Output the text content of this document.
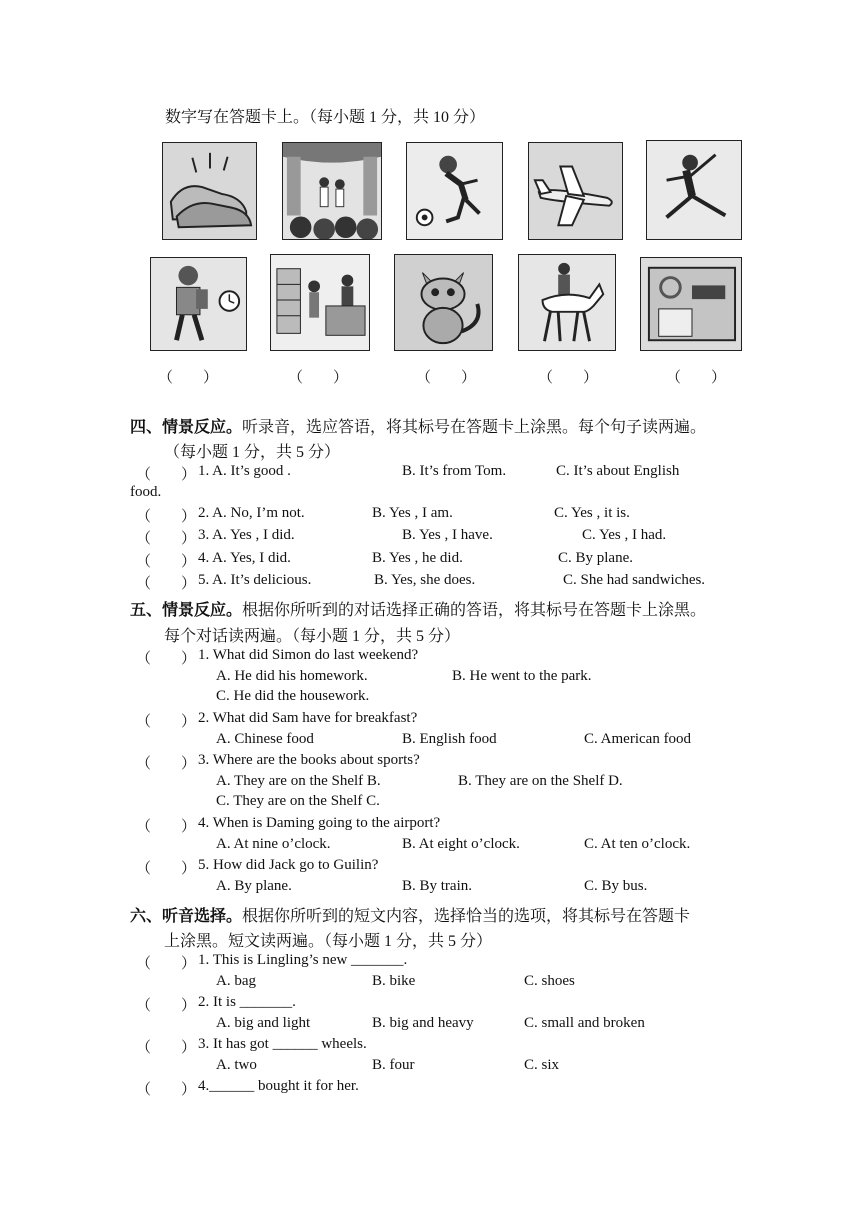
数字写在答题卡上。（每小题 1 分，共 10 分）
（　　）	（　　）	（　　）	（　　）	（　　）
四、情景反应。听录音，选应答语，将其标号在答题卡上涂黑。每个句子读两遍。
（每小题 1 分，共 5 分）
（　　） 1. A. It’s good .	B. It’s from Tom.	C. It’s about English
food.
（　　） 2. A. No, I’m not.	B. Yes , I am.	C. Yes , it is.
（　　） 3. A. Yes , I did.	B. Yes , I have.	C. Yes , I had.
（　　） 4. A. Yes, I did.	B. Yes , he did.	C. By plane.
（　　） 5. A. It’s delicious.	B. Yes, she does.	C. She had sandwiches.
五、情景反应。根据你所听到的对话选择正确的答语，将其标号在答题卡上涂黑。
每个对话读两遍。（每小题 1 分，共 5 分）
（　　） 1. What did Simon do last weekend?
A. He did his homework.	B. He went to the park.
C. He did the housework.
（　　） 2. What did Sam have for breakfast?
A. Chinese food	B. English food	C. American food
（　　） 3. Where are the books about sports?
A. They are on the Shelf B.	B. They are on the Shelf D.
C. They are on the Shelf C.
（　　） 4. When is Daming going to the airport?
A. At nine o’clock.	B. At eight o’clock.	C. At ten o’clock.
（　　） 5. How did Jack go to Guilin?
A. By plane.	B. By train.	C. By bus.
六、听音选择。根据你所听到的短文内容，选择恰当的选项，将其标号在答题卡
上涂黑。短文读两遍。（每小题 1 分，共 5 分）
（　　） 1. This is Lingling’s new _______.
A. bag	B. bike	C. shoes
（　　） 2. It is _______.
A. big and light	B. big and heavy	C. small and broken
（　　） 3. It has got ______ wheels.
A. two	B. four	C. six
（　　） 4.______ bought it for her.
